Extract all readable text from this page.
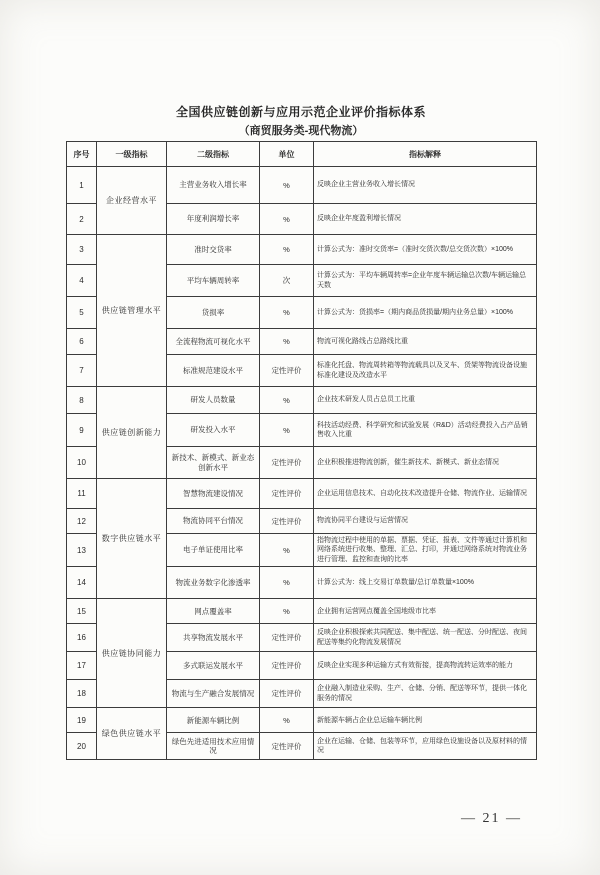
全国供应链创新与应用示范企业评价指标体系
（商贸服务类-现代物流）
序号	一级指标	二级指标	单位	指标解释
1	企业经营水平	主营业务收入增长率	%	反映企业主营业务收入增长情况
2		年度利润增长率	%	反映企业年度盈利增长情况
3	供应链管理水平	准时交货率	%	计算公式为：准时交货率=（准时交货次数/总交货次数）×100%
4		平均车辆周转率	次	计算公式为：平均车辆周转率=企业年度车辆运输总次数/车辆运输总天数
5		货损率	%	计算公式为：货损率=（期内商品货损量/期内业务总量）×100%
6		全流程物流可视化水平	%	物流可视化路线占总路线比重
7		标准规范建设水平	定性评价	标准化托盘、物流周转箱等物流载具以及叉车、货架等物流设备设施标准化建设及改造水平
8	供应链创新能力	研发人员数量	%	企业技术研发人员占总员工比重
9		研发投入水平	%	科技活动经费、科学研究和试验发展（R&D）活动经费投入占产品销售收入比重
10		新技术、新模式、新业态创新水平	定性评价	企业积极推进物流创新，催生新技术、新模式、新业态情况
11	数字供应链水平	智慧物流建设情况	定性评价	企业运用信息技术、自动化技术改造提升仓储、物流作业、运输情况
12		物流协同平台情况	定性评价	物流协同平台建设与运营情况
13		电子单证使用比率	%	指物流过程中使用的单据、票据、凭证、报表、文件等通过计算机和网络系统进行收集、整理、汇总、打印，并通过网络系统对物流业务进行管理、监控和查询的比率
14		物流业务数字化渗透率	%	计算公式为：线上交易订单数量/总订单数量×100%
15	供应链协同能力	网点覆盖率	%	企业拥有运营网点覆盖全国地级市比率
16		共享物流发展水平	定性评价	反映企业积极探索共同配送、集中配送、统一配送、分时配送、夜间配送等集约化物流发展情况
17		多式联运发展水平	定性评价	反映企业实现多种运输方式有效衔接，提高物流转运效率的能力
18		物流与生产融合发展情况	定性评价	企业融入制造业采购、生产、仓储、分销、配送等环节，提供一体化服务的情况
19	绿色供应链水平	新能源车辆比例	%	新能源车辆占企业总运输车辆比例
20		绿色先进适用技术应用情况	定性评价	企业在运输、仓储、包装等环节，应用绿色设施设备以及原材料的情况
— 21 —
